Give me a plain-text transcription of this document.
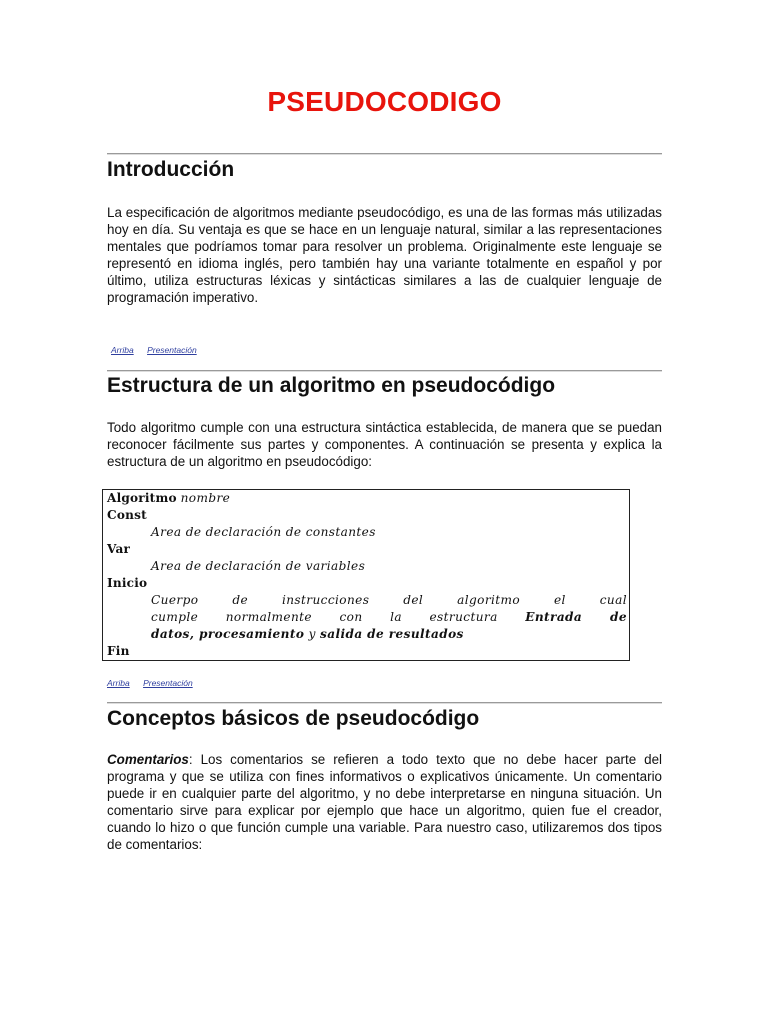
PSEUDOCODIGO
Introducción

La especificación de algoritmos mediante pseudocódigo, es una de las formas más utilizadas hoy en día. Su ventaja es que se hace en un lenguaje natural, similar a las representaciones mentales que podríamos tomar para resolver un problema. Originalmente este lenguaje se representó en idioma inglés, pero también hay una variante totalmente en español y por último, utiliza estructuras léxicas y sintácticas similares a las de cualquier lenguaje de programación imperativo.

Arriba Presentación
Estructura de un algoritmo en pseudocódigo

Todo algoritmo cumple con una estructura sintáctica establecida, de manera que se puedan reconocer fácilmente sus partes y componentes. A continuación se presenta y explica la estructura de un algoritmo en pseudocódigo:

Algoritmo nombre
Const
Area de declaración de constantes
Var
Area de declaración de variables
Inicio
Cuerpo de instrucciones del algoritmo el cual
cumple normalmente con la estructura Entrada de
datos, procesamiento y salida de resultados
Fin
Arriba Presentación
Conceptos básicos de pseudocódigo

Comentarios: Los comentarios se refieren a todo texto que no debe hacer parte del programa y que se utiliza con fines informativos o explicativos únicamente. Un comentario puede ir en cualquier parte del algoritmo, y no debe interpretarse en ninguna situación. Un comentario sirve para explicar por ejemplo que hace un algoritmo, quien fue el creador, cuando lo hizo o que función cumple una variable. Para nuestro caso, utilizaremos dos tipos de comentarios:
